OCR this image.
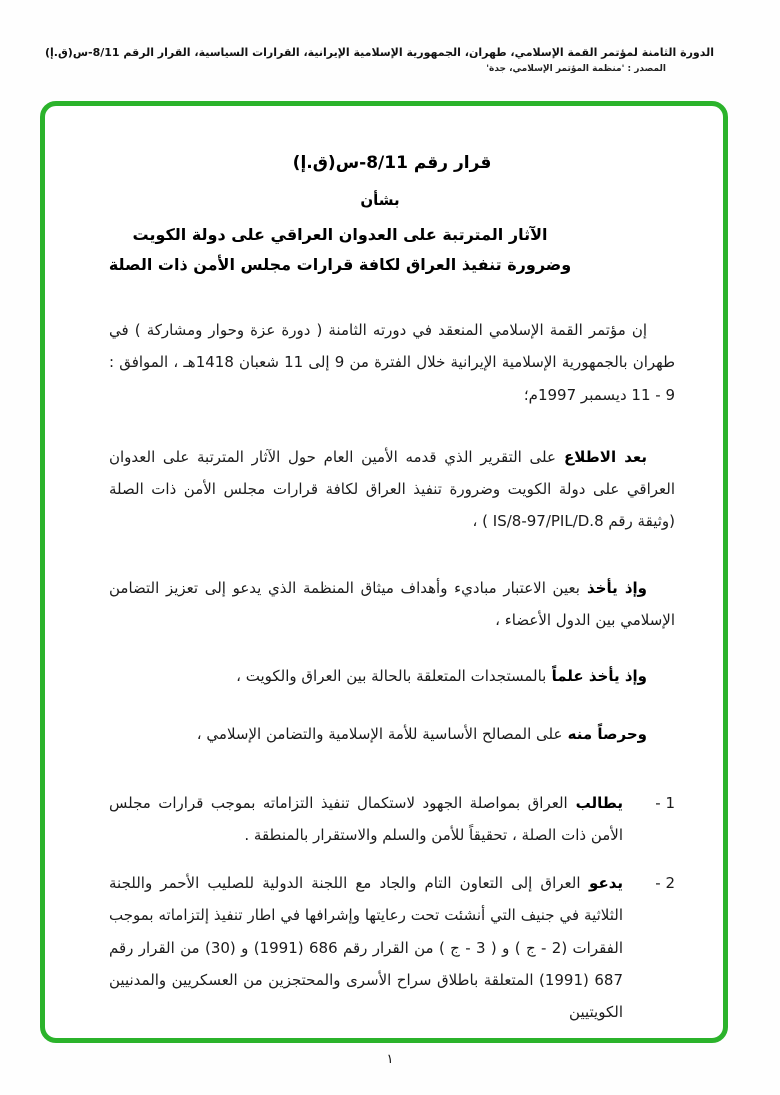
الدورة الثامنة لمؤتمر القمة الإسلامي، طهران، الجمهورية الإسلامية الإيرانية، القرارات السياسية، القرار الرقم 8/11-س(ق.إ)
المصدر : 'منظمة المؤتمر الإسلامي، جدة'
قرار رقم 8/11-س(ق.إ)
بشأن
الآثار المترتبة على العدوان العراقي على دولة الكويت
وضرورة تنفيذ العراق لكافة قرارات مجلس الأمن ذات الصلة

إن مؤتمر القمة الإسلامي المنعقد في دورته الثامنة ( دورة عزة وحوار ومشاركة ) في طهران بالجمهورية الإسلامية الإيرانية خلال الفترة من 9 إلى 11 شعبان 1418هـ ، الموافق : 9 - 11 ديسمبر 1997م؛

بعد الاطلاععلى التقرير الذي قدمه الأمين العام حول الآثار المترتبة على العدوان العراقي على دولة الكويت وضرورة تنفيذ العراق لكافة قرارات مجلس الأمن ذات الصلة (وثيقة رقم IS/8-97/PIL/D.8 ) ،

وإذ يأخذبعين الاعتبار مباديء وأهداف ميثاق المنظمة الذي يدعو إلى تعزيز التضامن الإسلامي بين الدول الأعضاء ،

وإذ يأخذ علماًبالمستجدات المتعلقة بالحالة بين العراق والكويت ،

وحرصاً منهعلى المصالح الأساسية للأمة الإسلامية والتضامن الإسلامي ،

1 -
يطالبالعراق بمواصلة الجهود لاستكمال تنفيذ التزاماته بموجب قرارات مجلس الأمن ذات الصلة ، تحقيقاً للأمن والسلم والاستقرار بالمنطقة .
2 -
يدعوالعراق إلى التعاون التام والجاد مع اللجنة الدولية للصليب الأحمر واللجنة الثلاثية في جنيف التي أنشئت تحت رعايتها وإشرافها في اطار تنفيذ إلتزاماته بموجب الفقرات (2 - ج ) و ( 3 - ج ) من القرار رقم 686 (1991) و (30) من القرار رقم 687 (1991) المتعلقة باطلاق سراح الأسرى والمحتجزين من العسكريين والمدنيين الكويتيين
١
